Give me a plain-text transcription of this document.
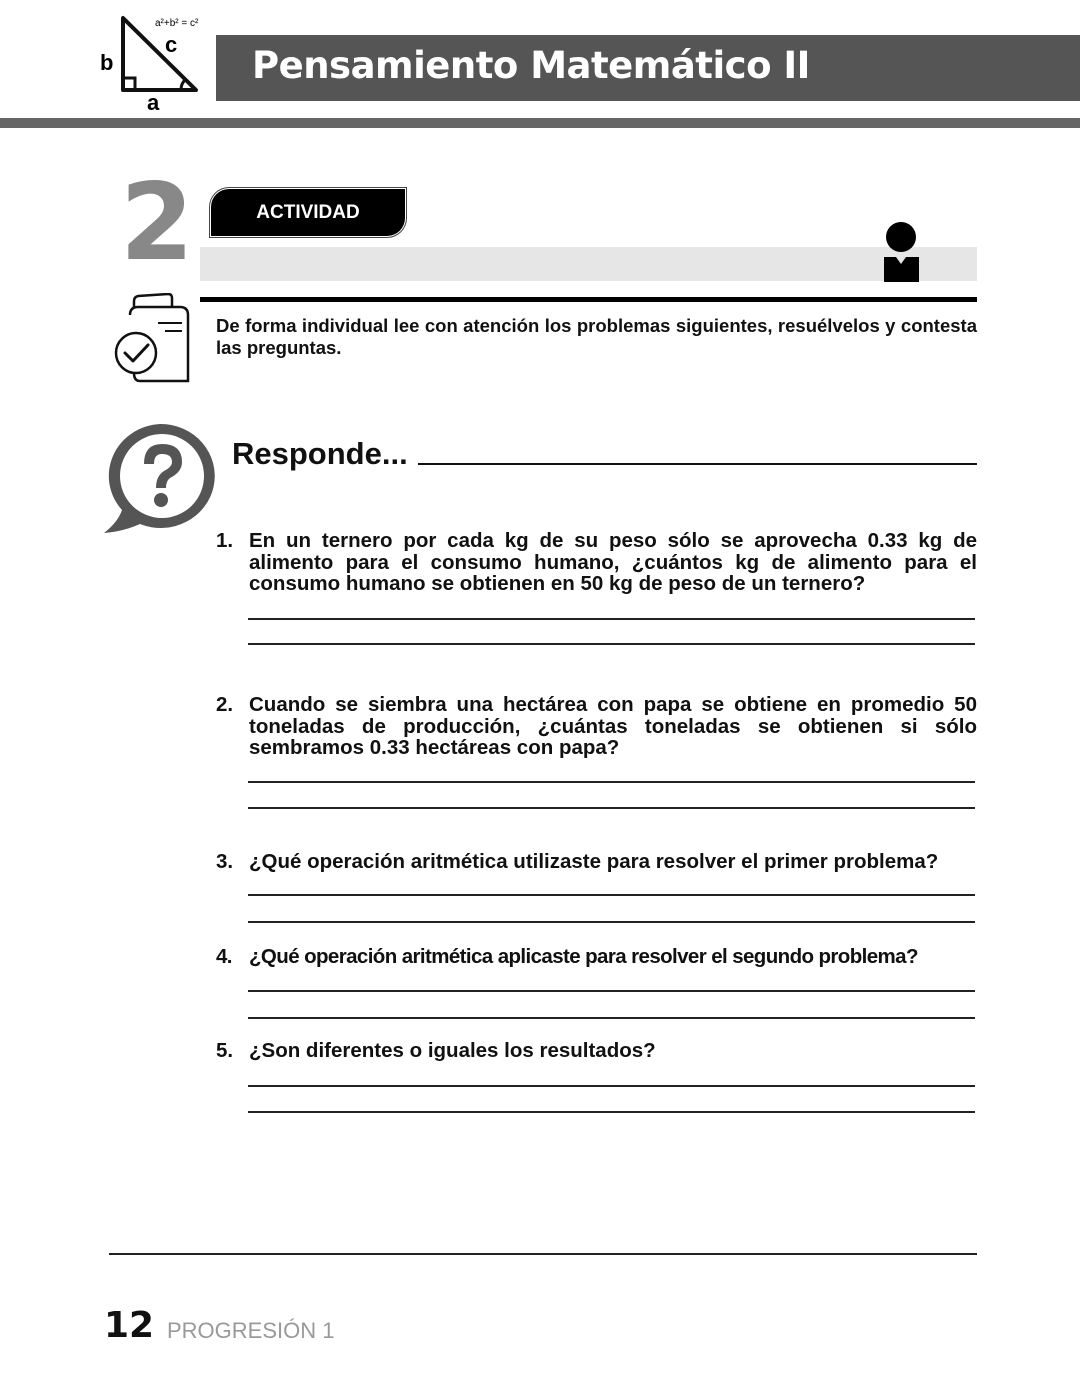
a²+b² = c²
c
b
a
Pensamiento Matemático II
2	ACTIVIDAD
De forma individual lee con atención los problemas siguientes, resuélvelos y contesta las preguntas.
Responde...
1. En un ternero por cada kg de su peso sólo se aprovecha 0.33 kg de alimento para el consumo humano, ¿cuántos kg de alimento para el consumo humano se obtienen en 50 kg de peso de un ternero?
2. Cuando se siembra una hectárea con papa se obtiene en promedio 50 toneladas de producción, ¿cuántas toneladas se obtienen si sólo sembramos 0.33 hectáreas con papa?
3. ¿Qué operación aritmética utilizaste para resolver el primer problema?
4. ¿Qué operación aritmética aplicaste para resolver el segundo problema?
5. ¿Son diferentes o iguales los resultados?
12 PROGRESIÓN 1
